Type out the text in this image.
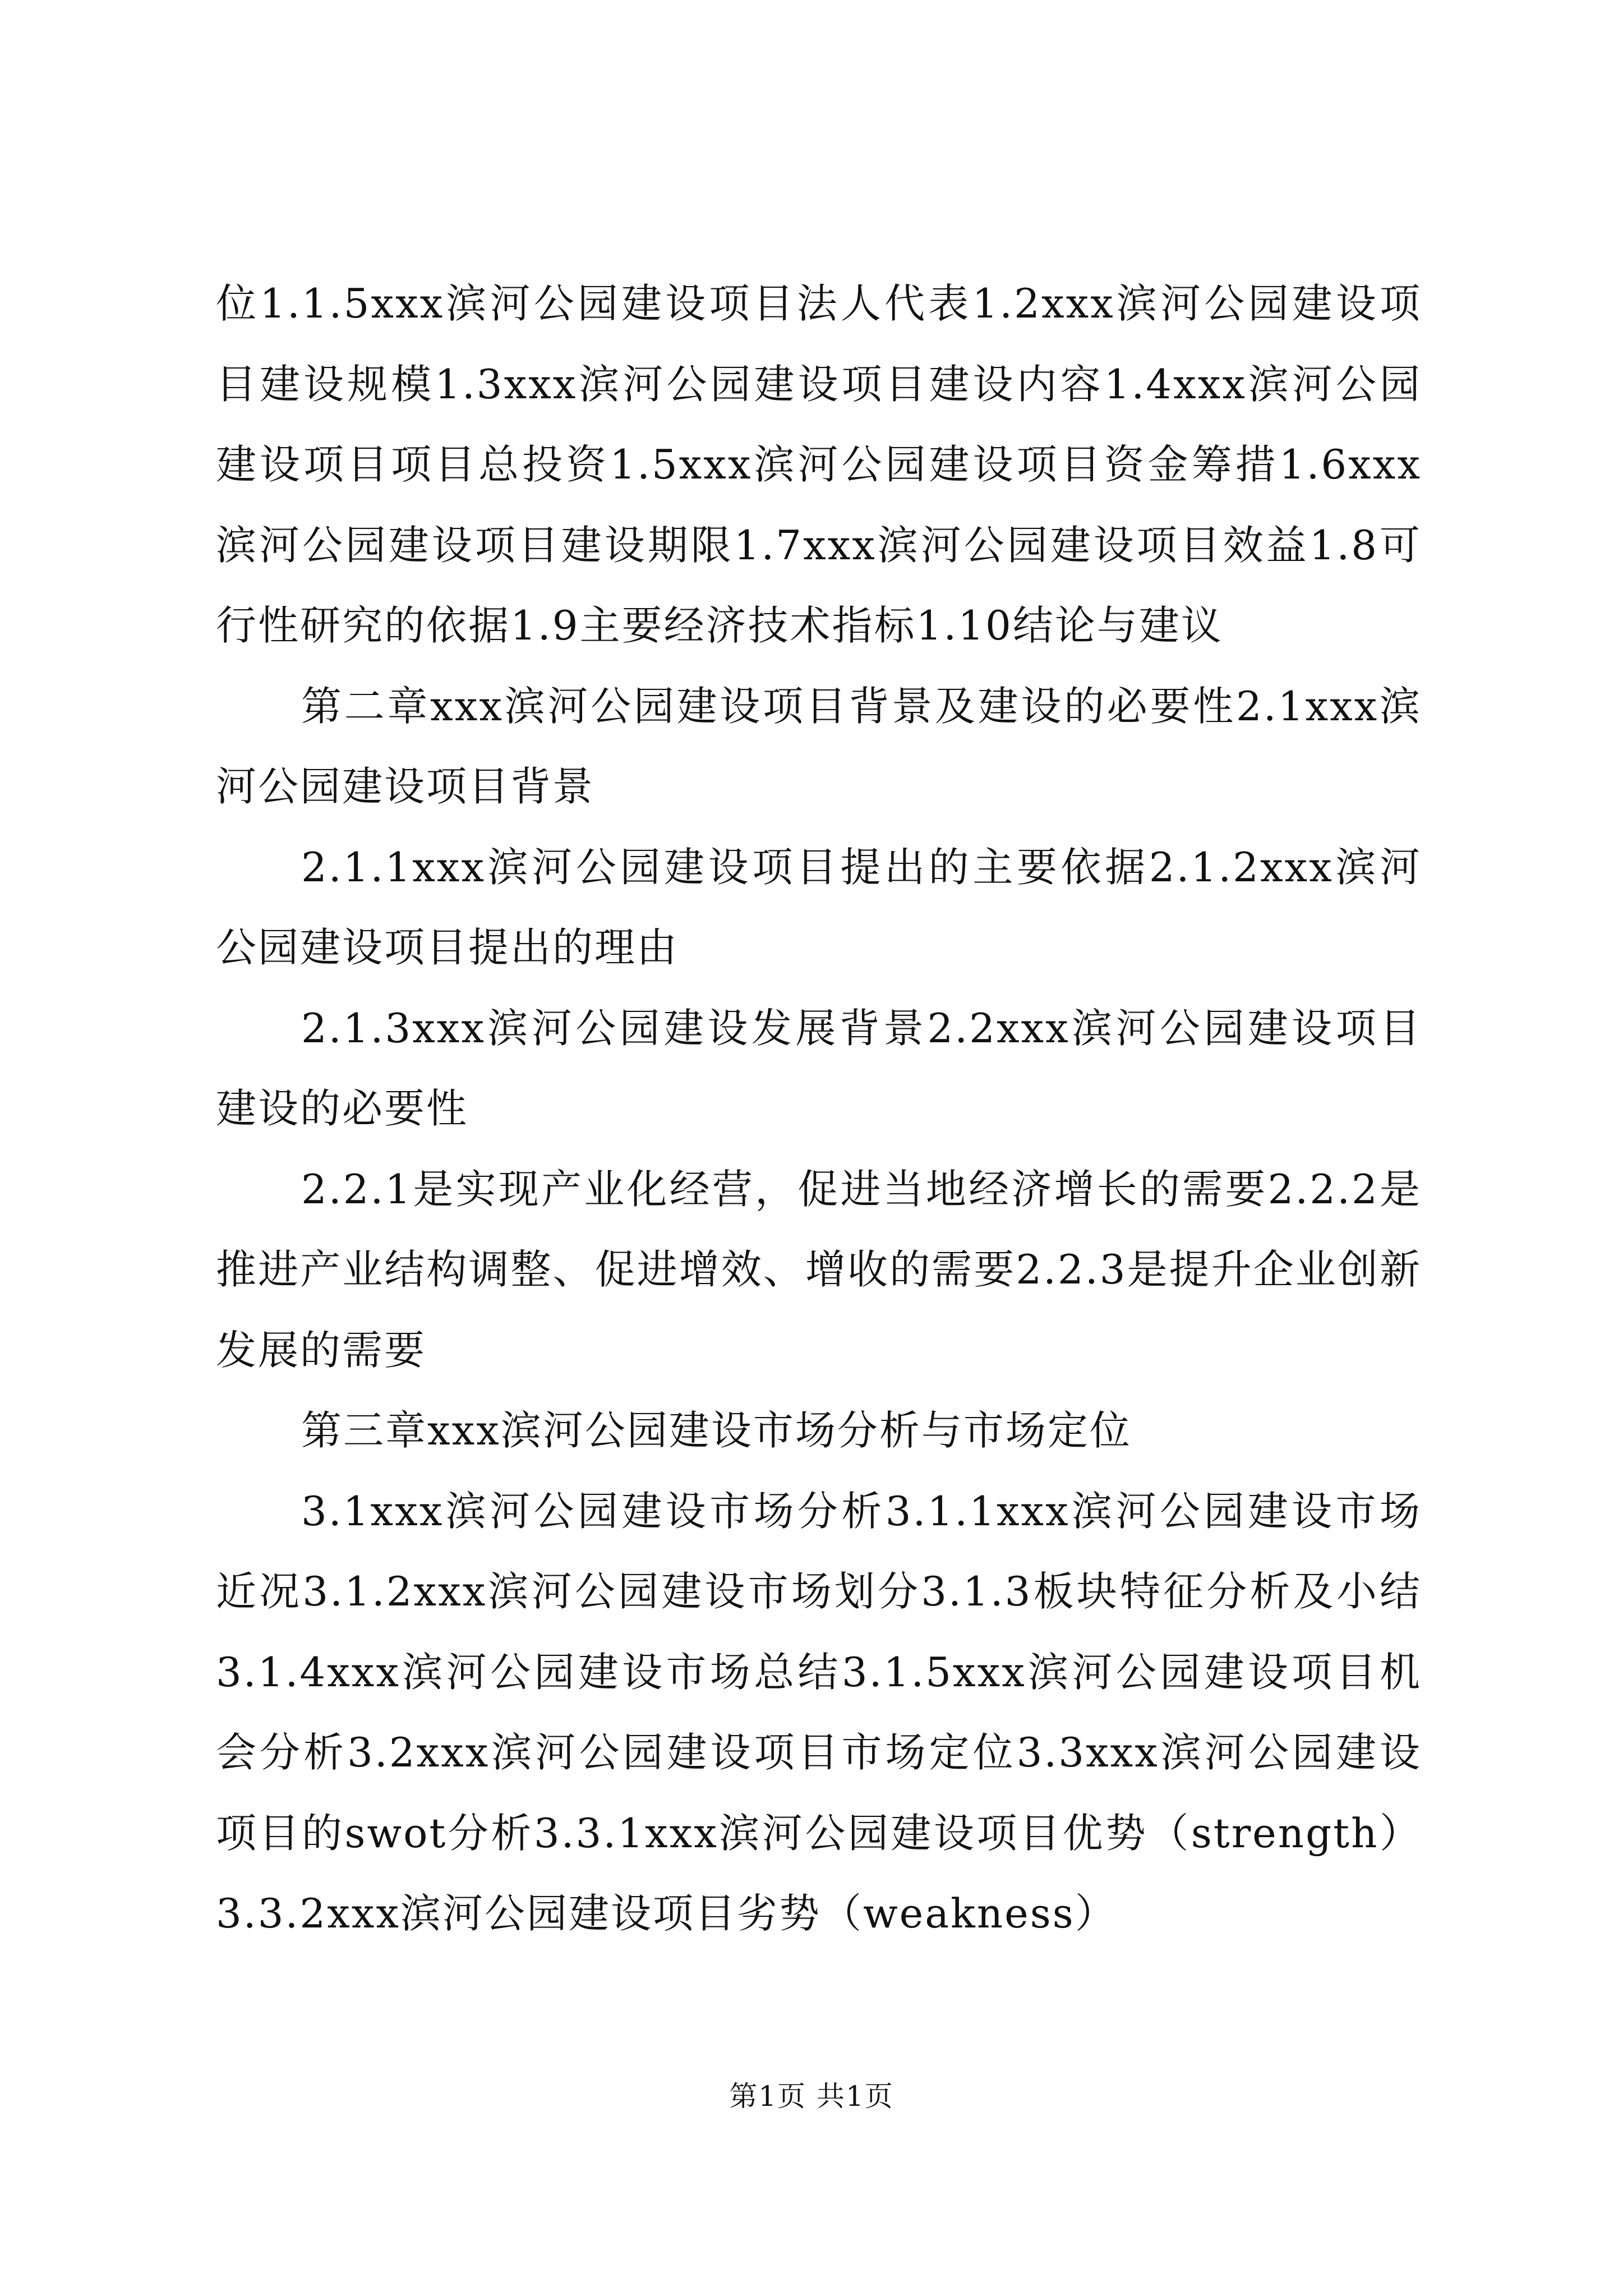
位1.1.5xxx滨河公园建设项目法人代表1.2xxx滨河公园建设项目建设规模1.3xxx滨河公园建设项目建设内容1.4xxx滨河公园建设项目项目总投资1.5xxx滨河公园建设项目资金筹措1.6xxx滨河公园建设项目建设期限1.7xxx滨河公园建设项目效益1.8可行性研究的依据1.9主要经济技术指标1.10结论与建议

第二章xxx滨河公园建设项目背景及建设的必要性2.1xxx滨河公园建设项目背景

2.1.1xxx滨河公园建设项目提出的主要依据2.1.2xxx滨河公园建设项目提出的理由

2.1.3xxx滨河公园建设发展背景2.2xxx滨河公园建设项目建设的必要性

2.2.1是实现产业化经营，促进当地经济增长的需要2.2.2是推进产业结构调整、促进增效、增收的需要2.2.3是提升企业创新发展的需要

第三章xxx滨河公园建设市场分析与市场定位

3.1xxx滨河公园建设市场分析3.1.1xxx滨河公园建设市场近况3.1.2xxx滨河公园建设市场划分3.1.3板块特征分析及小结3.1.4xxx滨河公园建设市场总结3.1.5xxx滨河公园建设项目机会分析3.2xxx滨河公园建设项目市场定位3.3xxx滨河公园建设项目的swot分析3.3.1xxx滨河公园建设项目优势（strength）3.3.2xxx滨河公园建设项目劣势（weakness）

第1页 共1页
